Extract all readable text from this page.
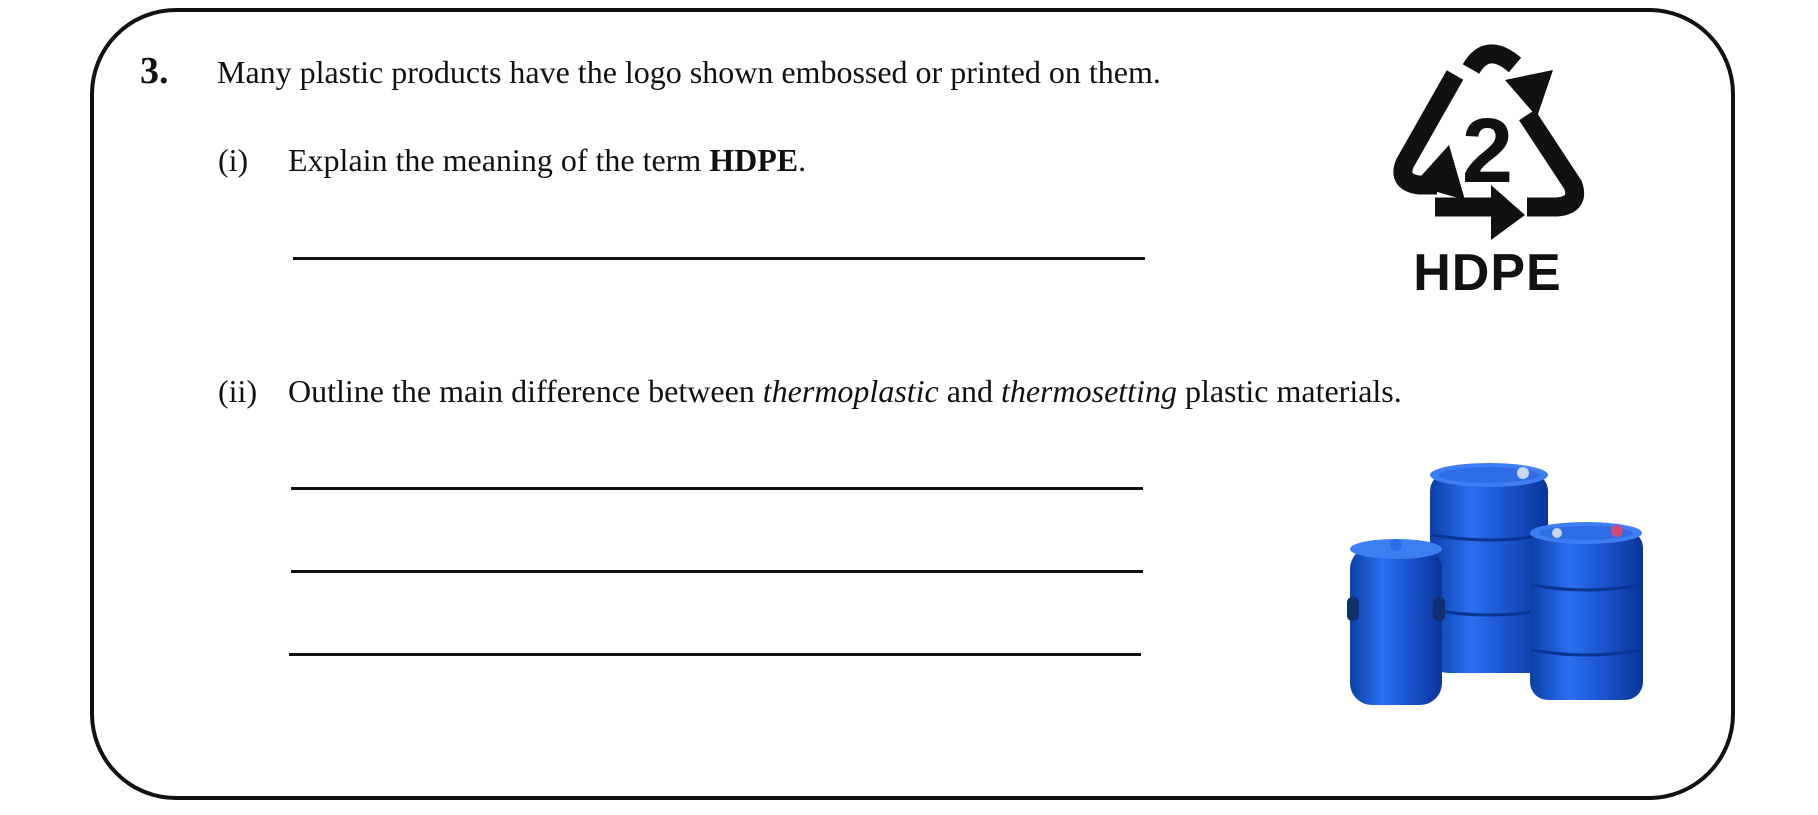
3. Many plastic products have the logo shown embossed or printed on them.
(i) Explain the meaning of the term HDPE.
(ii) Outline the main difference between thermoplastic and thermosetting plastic materials.
2
HDPE
